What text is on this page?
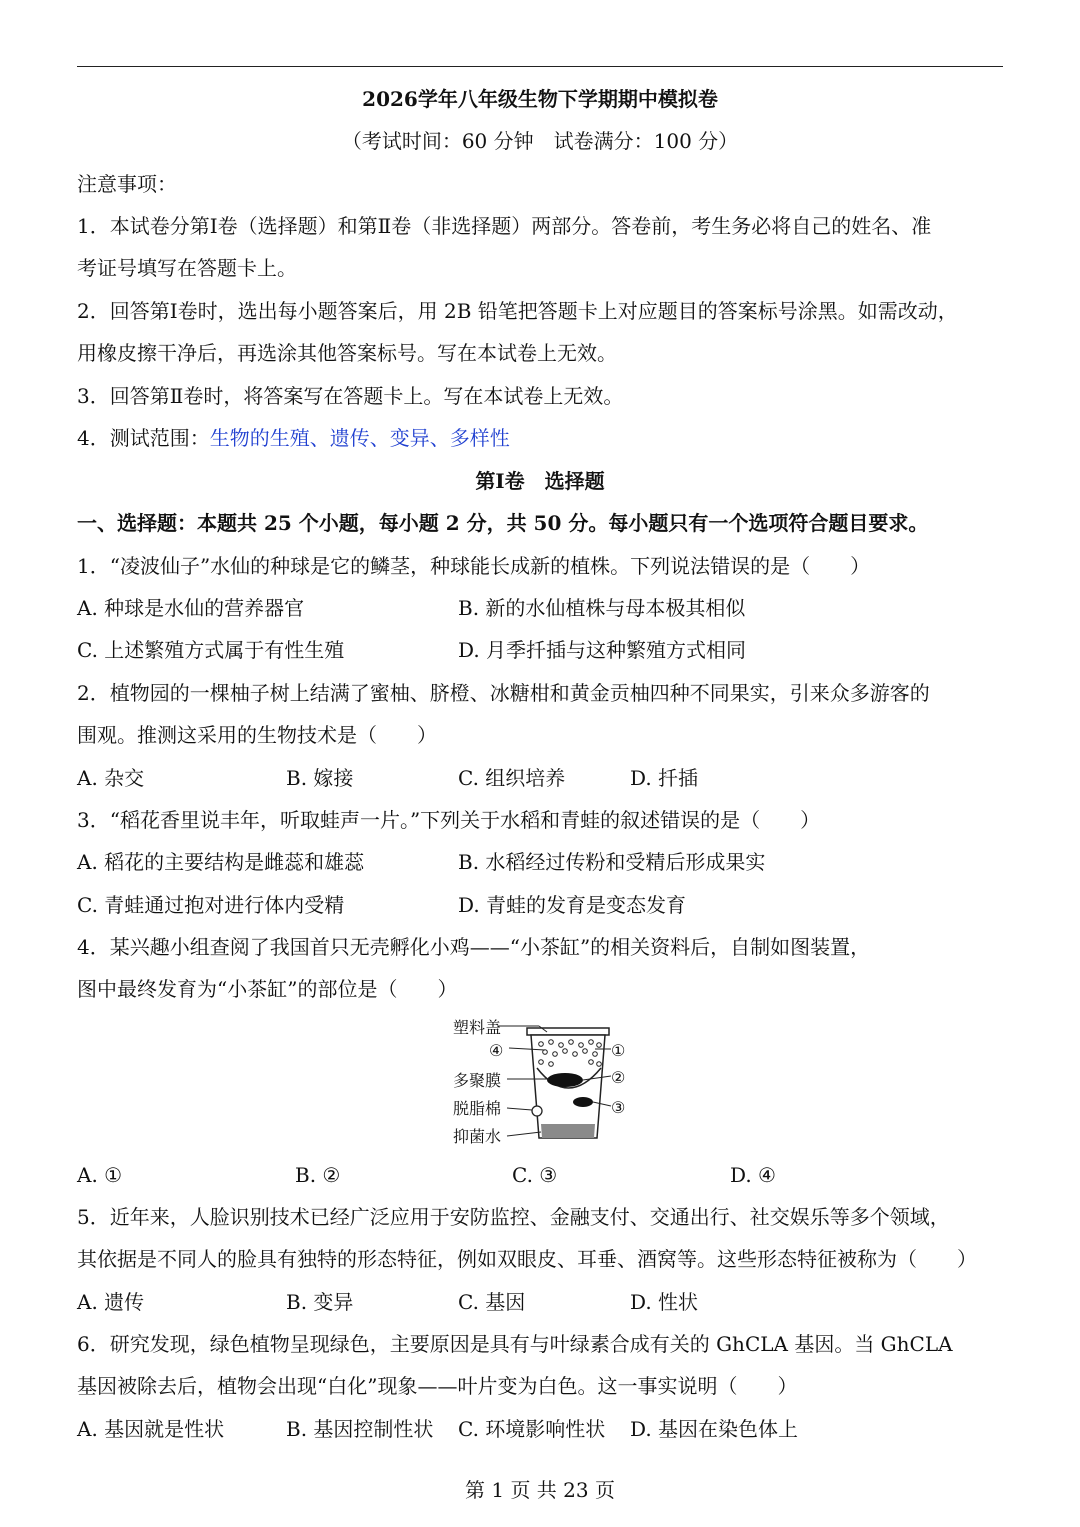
2026学年八年级生物下学期期中模拟卷
（考试时间：60 分钟　试卷满分：100 分）
注意事项：
1．本试卷分第Ⅰ卷（选择题）和第Ⅱ卷（非选择题）两部分。答卷前，考生务必将自己的姓名、准
考证号填写在答题卡上。
2．回答第Ⅰ卷时，选出每小题答案后，用 2B 铅笔把答题卡上对应题目的答案标号涂黑。如需改动，
用橡皮擦干净后，再选涂其他答案标号。写在本试卷上无效。
3．回答第Ⅱ卷时，将答案写在答题卡上。写在本试卷上无效。
4．测试范围：生物的生殖、遗传、变异、多样性
第Ⅰ卷　选择题
一、选择题：本题共 25 个小题，每小题 2 分，共 50 分。每小题只有一个选项符合题目要求。
1．“凌波仙子”水仙的种球是它的鳞茎，种球能长成新的植株。下列说法错误的是（　　）
A. 种球是水仙的营养器官	B. 新的水仙植株与母本极其相似
C. 上述繁殖方式属于有性生殖	D. 月季扦插与这种繁殖方式相同
2．植物园的一棵柚子树上结满了蜜柚、脐橙、冰糖柑和黄金贡柚四种不同果实，引来众多游客的
围观。推测这采用的生物技术是（　　）
A. 杂交	B. 嫁接	C. 组织培养	D. 扦插
3．“稻花香里说丰年，听取蛙声一片。”下列关于水稻和青蛙的叙述错误的是（　　）
A. 稻花的主要结构是雌蕊和雄蕊	B. 水稻经过传粉和受精后形成果实
C. 青蛙通过抱对进行体内受精	D. 青蛙的发育是变态发育
4．某兴趣小组查阅了我国首只无壳孵化小鸡——“小茶缸”的相关资料后，自制如图装置，
图中最终发育为“小茶缸”的部位是（　　）
塑料盖
④	①
多聚膜	②
脱脂棉	③
抑菌水
A. ①	B. ②	C. ③	D. ④
5．近年来，人脸识别技术已经广泛应用于安防监控、金融支付、交通出行、社交娱乐等多个领域，
其依据是不同人的脸具有独特的形态特征，例如双眼皮、耳垂、酒窝等。这些形态特征被称为（　　）
A. 遗传	B. 变异	C. 基因	D. 性状
6．研究发现，绿色植物呈现绿色，主要原因是具有与叶绿素合成有关的 GhCLA 基因。当 GhCLA
基因被除去后，植物会出现“白化”现象——叶片变为白色。这一事实说明（　　）
A. 基因就是性状	B. 基因控制性状 C. 环境影响性状 D. 基因在染色体上
第 1 页 共 23 页
